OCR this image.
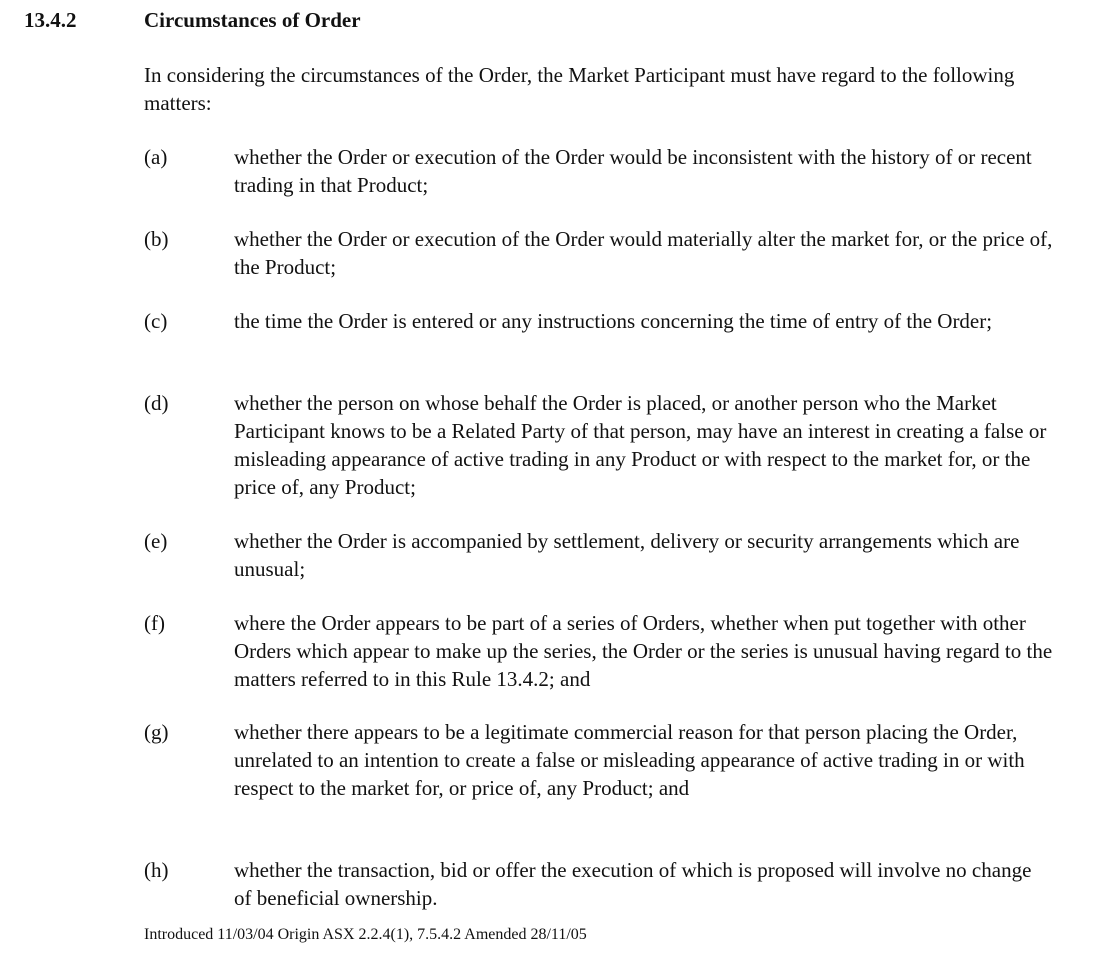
13.4.2	Circumstances of Order
In considering the circumstances of the Order, the Market Participant must have regard to the following matters:
(a)	whether the Order or execution of the Order would be inconsistent with the history of or recent trading in that Product;
(b)	whether the Order or execution of the Order would materially alter the market for, or the price of, the Product;
(c)	the time the Order is entered or any instructions concerning the time of entry of the Order;
(d)	whether the person on whose behalf the Order is placed, or another person who the Market Participant knows to be a Related Party of that person, may have an interest in creating a false or misleading appearance of active trading in any Product or with respect to the market for, or the price of, any Product;
(e)	whether the Order is accompanied by settlement, delivery or security arrangements which are unusual;
(f)	where the Order appears to be part of a series of Orders, whether when put together with other Orders which appear to make up the series, the Order or the series is unusual having regard to the matters referred to in this Rule 13.4.2; and
(g)	whether there appears to be a legitimate commercial reason for that person placing the Order, unrelated to an intention to create a false or misleading appearance of active trading in or with respect to the market for, or price of, any Product; and
(h)	whether the transaction, bid or offer the execution of which is proposed will involve no change of beneficial ownership.
Introduced 11/03/04 Origin ASX 2.2.4(1), 7.5.4.2 Amended 28/11/05
